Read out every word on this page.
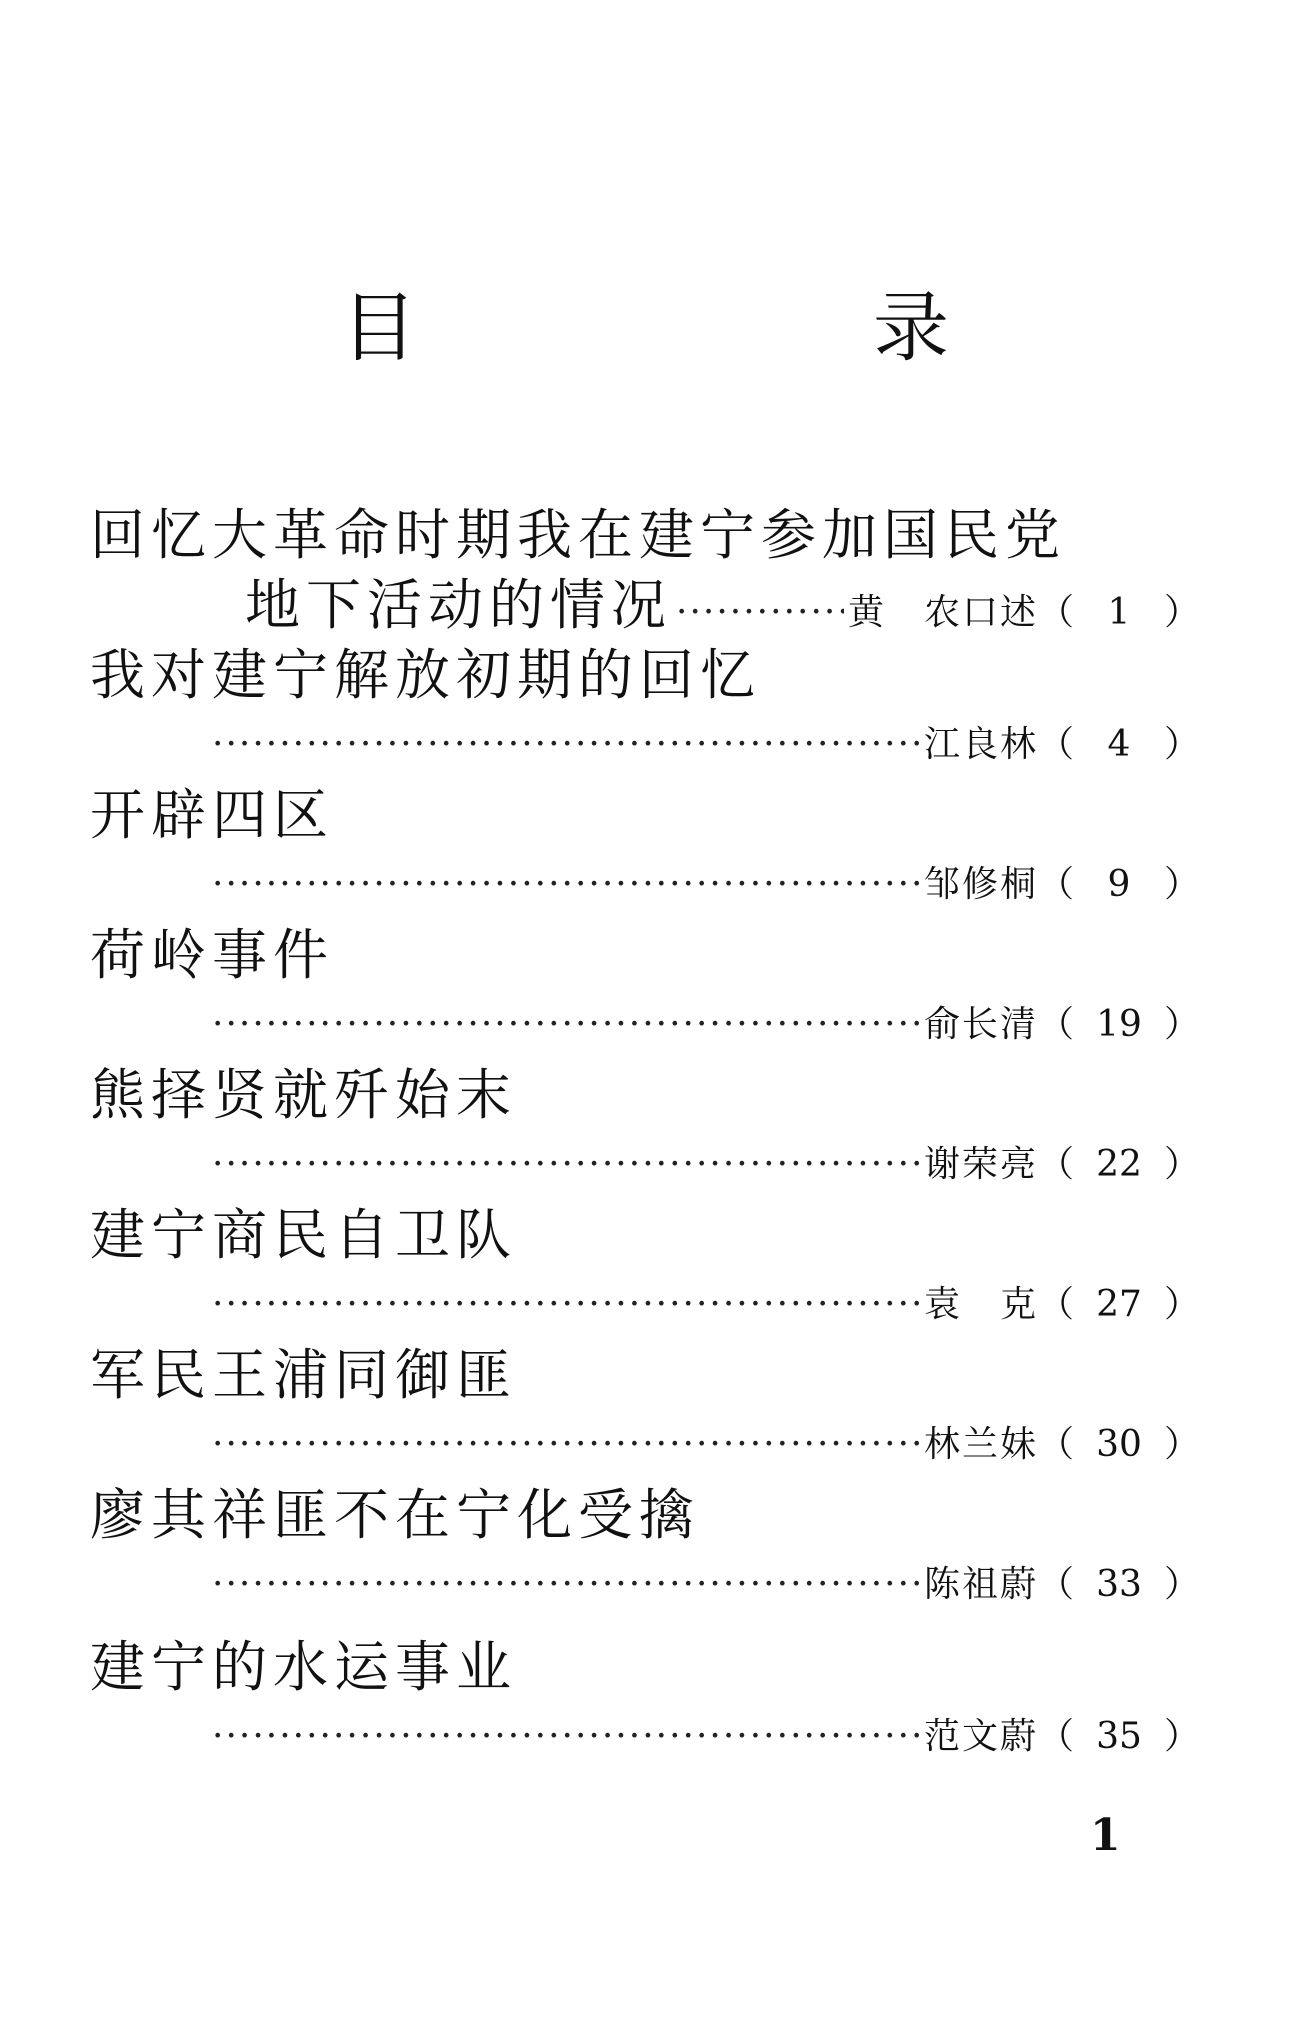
目　录
回忆大革命时期我在建宁参加国民党
地下活动的情况
·····	黄　农口述 （ 1 ）
我对建宁解放初期的回忆
·····
江良林 （ 4 ）
开辟四区
·····
邹修桐 （ 9 ）
荷岭事件
·····
俞长清 （ 19 ）
熊择贤就歼始末
·····
谢荣亮 （ 22 ）
建宁商民自卫队
·····
袁　克 （ 27 ）
军民王浦同御匪
·····
林兰妹 （ 30 ）
廖其祥匪不在宁化受擒
·····
陈祖蔚 （ 33 ）
建宁的水运事业
·····
范文蔚 （ 35 ）
1
